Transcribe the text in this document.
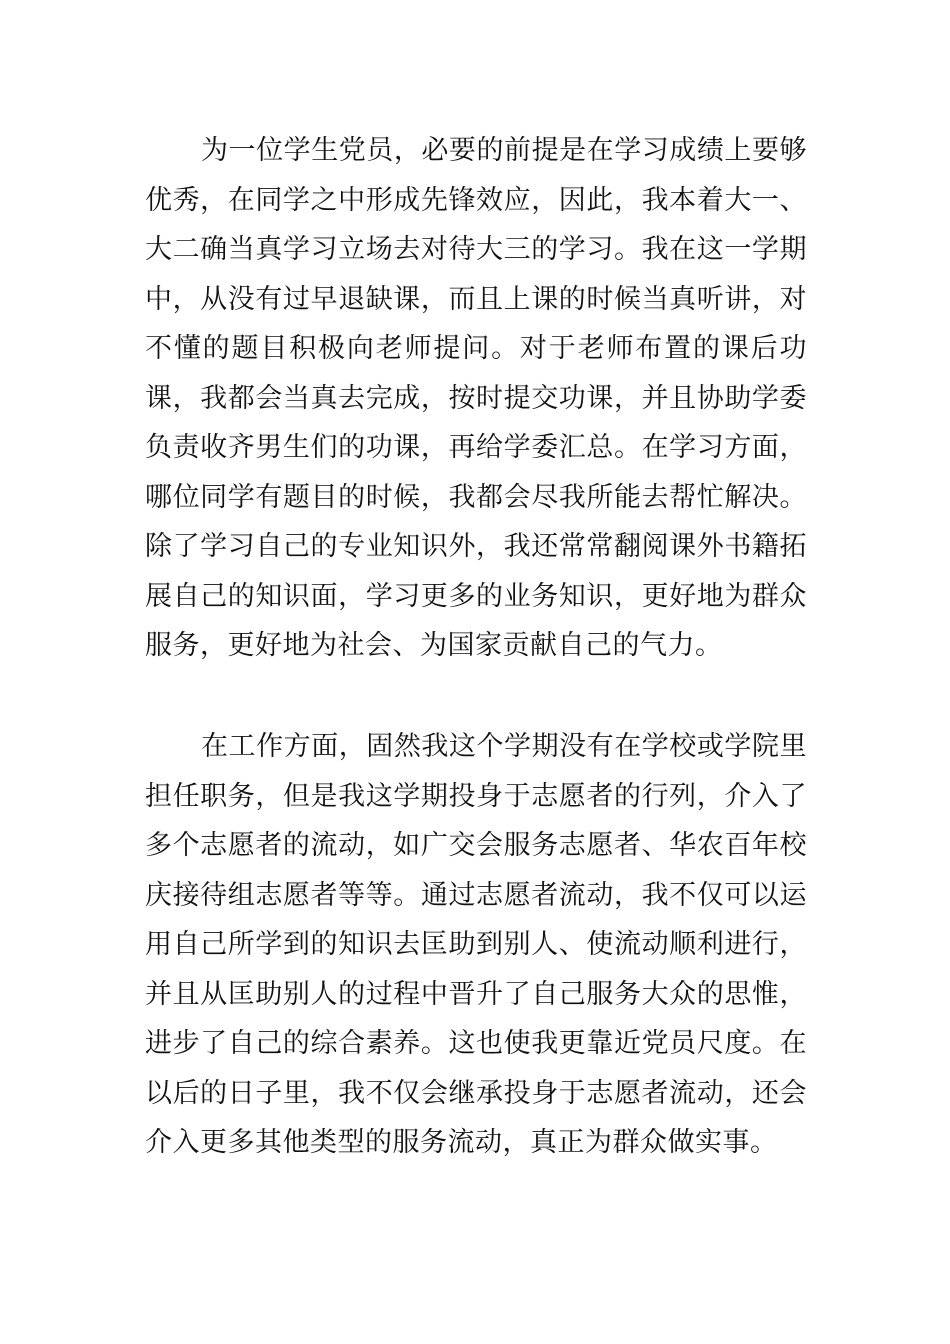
为一位学生党员，必要的前提是在学习成绩上要够优秀，在同学之中形成先锋效应，因此，我本着大一、大二确当真学习立场去对待大三的学习。我在这一学期中，从没有过早退缺课，而且上课的时候当真听讲，对不懂的题目积极向老师提问。对于老师布置的课后功课，我都会当真去完成，按时提交功课，并且协助学委负责收齐男生们的功课，再给学委汇总。在学习方面，哪位同学有题目的时候，我都会尽我所能去帮忙解决。除了学习自己的专业知识外，我还常常翻阅课外书籍拓展自己的知识面，学习更多的业务知识，更好地为群众服务，更好地为社会、为国家贡献自己的气力。

在工作方面，固然我这个学期没有在学校或学院里担任职务，但是我这学期投身于志愿者的行列，介入了多个志愿者的流动，如广交会服务志愿者、华农百年校庆接待组志愿者等等。通过志愿者流动，我不仅可以运用自己所学到的知识去匡助到别人、使流动顺利进行，并且从匡助别人的过程中晋升了自己服务大众的思惟，进步了自己的综合素养。这也使我更靠近党员尺度。在以后的日子里，我不仅会继承投身于志愿者流动，还会介入更多其他类型的服务流动，真正为群众做实事。
